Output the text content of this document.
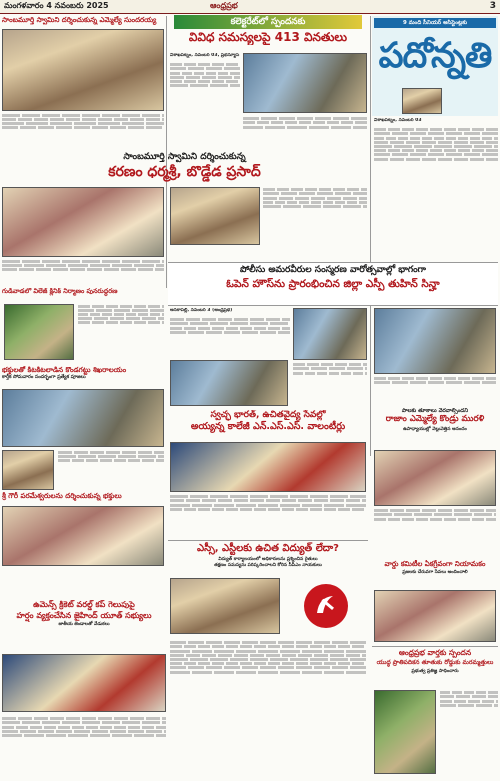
మంగళవారం 4 నవంబరు 2025	ఆంధ్రప్రభ	3
సాంబమూర్తి స్వామిని దర్శించుకున్న ఎమ్మెల్యే సుందరయ్య
సాంబమూర్తి స్వామిని దర్శించుకున్న
కరణం ధర్మశ్రీ, బొడ్డేడ ప్రసాద్
గుడివాడలో విలేజ్ క్లినిక్ నిర్మాణం పునరుద్ధరణ
భక్తులతో కిటకిటలాడిన కొండగట్టు శిఖరాలయం
కార్తీక సోమవారం సందర్భంగా ప్రత్యేక పూజలు
శ్రీ గౌరీ పరమేశ్వరులను దర్శించుకున్న భక్తులు
కలెక్టరేట్‌లో స్పందనకు
వివిధ సమస్యలపై 413 వినతులు
విశాఖపట్నం, నవంబర్ 03, ప్రభన్యూస్
పోలీసు అమరవీరుల సంస్మరణ వారోత్సవాల్లో భాగంగా
ఓపెన్ హౌస్‌ను ప్రారంభించిన జిల్లా ఎస్పీ తుహిన్ సిన్హా
అనకాపల్లి, నవంబర్ 3 (ఆంధ్రప్రభ)
స్వచ్ఛ భారత్, ఉచితవైద్య సేవల్లో
అయ్యన్న కాలేజీ ఎన్.ఎస్.ఎస్. వాలంటీర్లు
9 మంది సీనియర్ అసిస్టెంట్లకు
పదోన్నతి
విశాఖపట్నం, నవంబర్ 03
పాలకు తూకాలు వెరవాల్సిందని
రాజాం ఎమ్మెల్యే కొండ్రు మురళి
ఉపాధ్యాయుల్లో వెల్లువెత్తిన ఆనందం
ఎస్సీ, ఎస్టీలకు ఉచిత విద్యుత్ లేదా?
విద్యుత్ కార్యాలయంలో అధికారులను ప్రశ్నించిన రైతులు
తక్షణం సమస్యను పరిష్కరించాలని కోరిన సీపీఎం నాయకులు	వార్డు కమిటీల ఏకగ్రీవంగా నియామకం
ప్రజలకు చేరువగా సేవలు అందించాలి
ఉమెన్స్ క్రికెట్ వరల్డ్ కప్ గెలుపుపై
హర్షం వ్యక్తంచేసిన జైహింద్ యూత్ సభ్యులు
జాతీయ జెండాలతో వేడుకలు
ఆంధ్రప్రభ వార్తకు స్పందన
యుద్ధ ప్రాతిపదికన తూతుకు రోడ్డుకు మరమ్మత్తులు
ప్రభుత్వ ప్రతిజ్ఞ సాధించారు
